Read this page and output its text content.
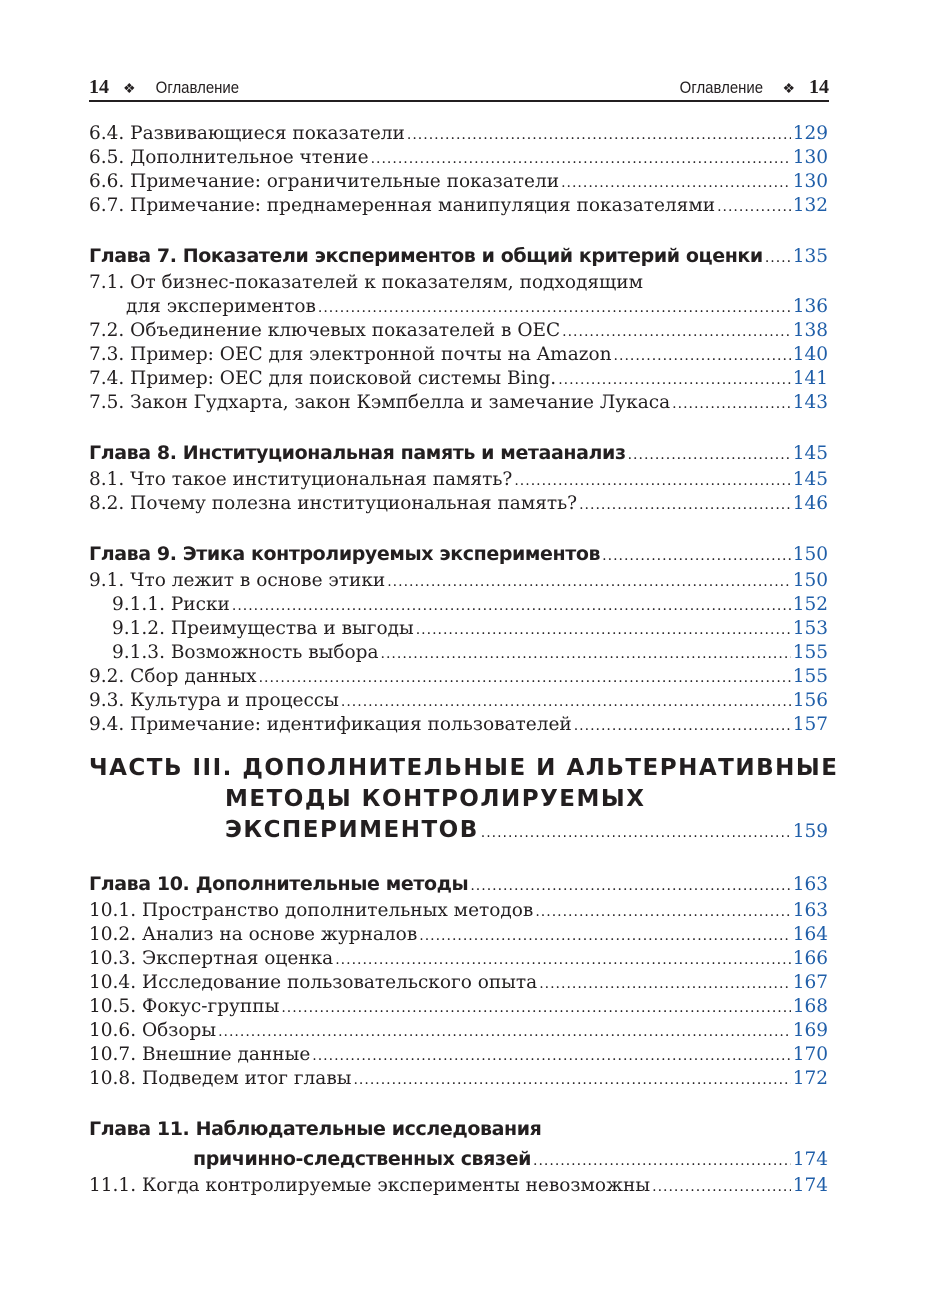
14 ❖ Оглавление	Оглавление ❖ 14
6.4. Развивающиеся показатели .....	129
6.5. Дополнительное чтение .....	130
6.6. Примечание: ограничительные показатели .....	130
6.7. Примечание: преднамеренная манипуляция показателями .....	132
Глава 7. Показатели экспериментов и общий критерий оценки ..... 135
7.1. От бизнес-показателей к показателям, подходящим
для экспериментов .....	136
7.2. Объединение ключевых показателей в OEC .....	138
7.3. Пример: OEC для электронной почты на Amazon .....	140
7.4. Пример: OEC для поисковой системы Bing. .....	141
7.5. Закон Гудхарта, закон Кэмпбелла и замечание Лукаса .....	143
Глава 8. Институциональная память и метаанализ .....	145
8.1. Что такое институциональная память? .....	145
8.2. Почему полезна институциональная память? .....	146
Глава 9. Этика контролируемых экспериментов .....	150
9.1. Что лежит в основе этики .....	150
9.1.1. Риски .....	152
9.1.2. Преимущества и выгоды .....	153
9.1.3. Возможность выбора .....	155
9.2. Сбор данных .....	155
9.3. Культура и процессы .....	156
9.4. Примечание: идентификация пользователей .....	157
ЧАСТЬ III. ДОПОЛНИТЕЛЬНЫЕ И АЛЬТЕРНАТИВНЫЕ
МЕТОДЫ КОНТРОЛИРУЕМЫХ
ЭКСПЕРИМЕНТОВ .....	159
Глава 10. Дополнительные методы .....	163
10.1. Пространство дополнительных методов .....	163
10.2. Анализ на основе журналов .....	164
10.3. Экспертная оценка .....	166
10.4. Исследование пользовательского опыта .....	167
10.5. Фокус-группы .....	168
10.6. Обзоры .....	169
10.7. Внешние данные .....	170
10.8. Подведем итог главы .....	172
Глава 11. Наблюдательные исследования
причинно-следственных связей .....	174
11.1. Когда контролируемые эксперименты невозможны .....	174
